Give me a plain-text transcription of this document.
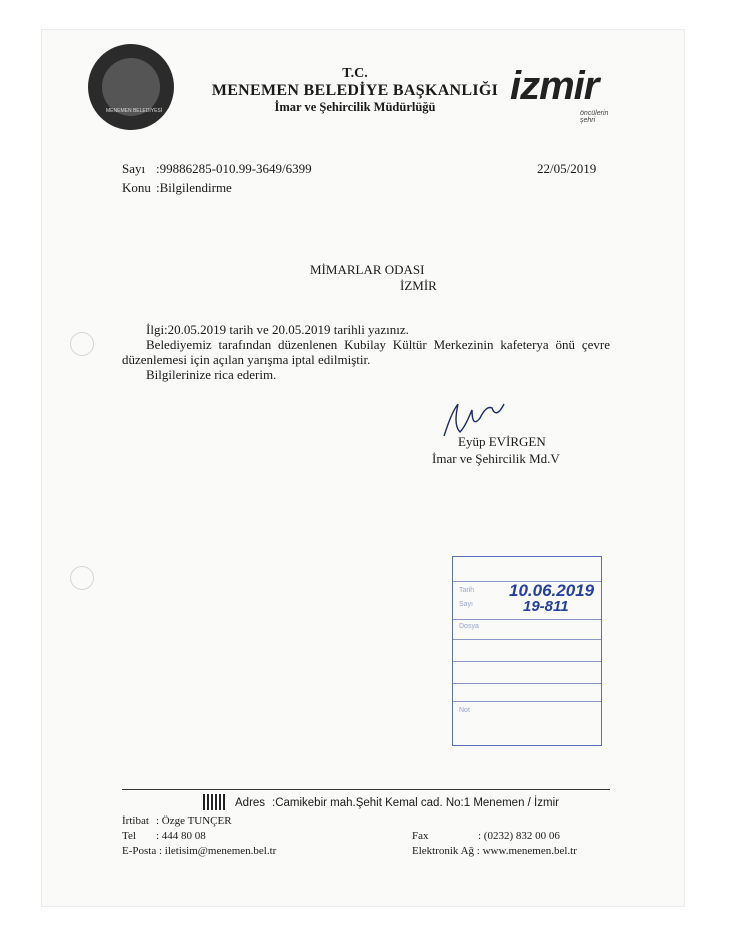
MENEMEN BELEDİYESİ
T.C.
MENEMEN BELEDİYE BAŞKANLIĞI
İmar ve Şehircilik Müdürlüğü	izmir
öncülerin şehri
Sayı :99886285-010.99-3649/6399
Konu :Bilgilendirme
22/05/2019
MİMARLAR ODASI
İZMİR
İlgi:20.05.2019 tarih ve 20.05.2019 tarihli yazınız.
Belediyemiz tarafından düzenlenen Kubilay Kültür Merkezinin kafeterya önü çevre
düzenlemesi için açılan yarışma iptal edilmiştir.
Bilgilerinize rica ederim.
Eyüp EVİRGEN
İmar ve Şehircilik Md.V
Tarih
Sayı
Dosya
Not
10.06.2019
19-811
Adres :Camikebir mah.Şehit Kemal cad. No:1 Menemen / İzmir
İrtibat : Özge TUNÇER
Tel : 444 80 08
E-Posta : iletisim@menemen.bel.tr
Fax	: (0232) 832 00 06
Elektronik Ağ : www.menemen.bel.tr
